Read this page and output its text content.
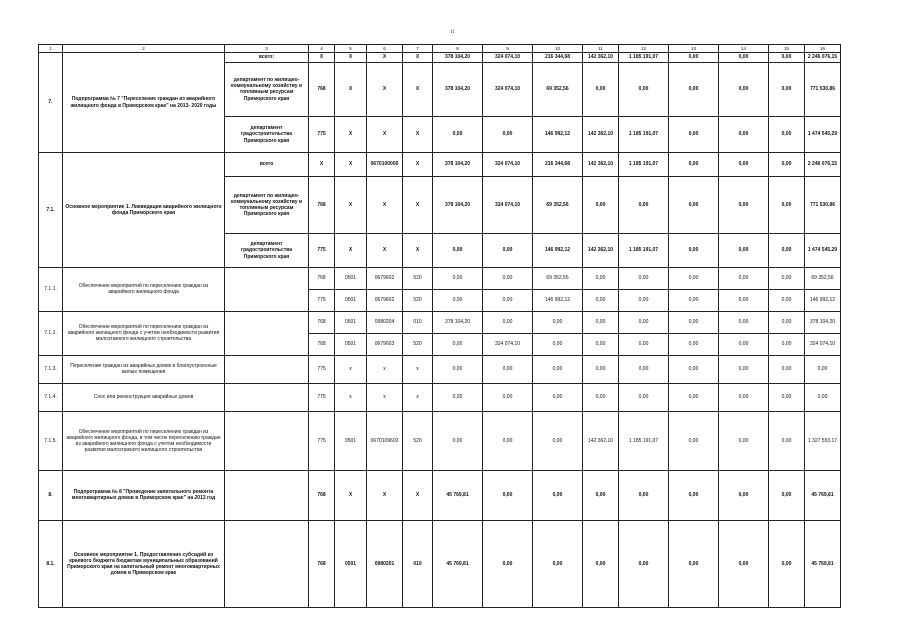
11
1	2	3	4	5	6	7	8	9	10	11	12	13	14	15	16
7.	Подпрограмма № 7 "Переселение граждан из аварийного жилищного фонда в Приморском крае" на 2013- 2020 годы	всего:	X	X	X	X	378 104,20	324 074,10	216 344,68	142 362,10	1 185 191,07	0,00	0,00	0,00	2 246 076,15
		департамент по жилищно-коммунальному хозяйству и топливным ресурсам Приморского края	768	X	X	X	378 104,20	324 074,10	69 352,56	0,00	0,00	0,00	0,00	0,00	771 530,86
		департамент градостроительства Приморского края	775	X	X	X	0,00	0,00	146 992,12	142 362,10	1 185 191,07	0,00	0,00	0,00	1 474 545,29
7.1.	Основное мероприятие 1. Ликвидация аварийного жилищного фонда Приморского края	всего	X	X	0670100000	X	378 104,20	324 074,10	216 344,68	142 362,10	1 185 191,07	0,00	0,00	0,00	2 246 076,15
		департамент по жилищно-коммунальному хозяйству и топливным ресурсам Приморского края	768	X	X	X	378 104,20	324 074,10	69 352,56	0,00	0,00	0,00	0,00	0,00	771 530,86
		департамент градостроительства Приморского края	775	X	X	X	0,00	0,00	146 992,12	142 362,10	1 185 191,07	0,00	0,00	0,00	1 474 545,29
7.1.1.	Обеспечение мероприятий по переселению граждан из аварийного жилищного фонда		768	0501	0679602	520	0,00	0,00	69 352,56	0,00	0,00	0,00	0,00	0,00	69 352,56
			775	0501	0679602	520	0,00	0,00	146 992,12	0,00	0,00	0,00	0,00	0,00	146 992,12
7.1.2.	Обеспечение мероприятий по переселению граждан из аварийного жилищного фонда с учетом необходимости развития малоэтажного жилищного строительства		768	0501	0980204	010	378 104,20	0,00	0,00	0,00	0,00	0,00	0,00	0,00	378 104,20
			768	0501	0679603	520	0,00	324 074,10	0,00	0,00	0,00	0,00	0,00	0,00	324 074,10
7.1.3.	Переселение граждан из аварийных домов в благоустроенные жилые помещения		775	x	x	x	0,00	0,00	0,00	0,00	0,00	0,00	0,00	0,00	0,00
7.1.4.	Снос или реконструкция аварийных домов		775	x	x	x	0,00	0,00	0,00	0,00	0,00	0,00	0,00	0,00	0,00
7.1.5.	Обеспечение мероприятий по переселению граждан из аварийного жилищного фонда, в том числе переселению граждан из аварийного жилищного фонда с учетом необходимости развития малоэтажного жилищного строительства		775	0501	0670109602	520	0,00	0,00	0,00	142 362,10	1 185 191,07	0,00	0,00	0,00	1 327 553,17
8.	Подпрограмма № 8 "Проведение капитального ремонта многоквартирных домов в Приморском крае" на 2013 год		768	X	X	X	45 769,81	0,00	0,00	0,00	0,00	0,00	0,00	0,00	45 769,81
8.1.	Основное мероприятие 1. Предоставление субсидий из краевого бюджета бюджетам муниципальных образований Приморского края на капитальный ремонт многоквартирных домов в Приморском крае		768	0501	0980201	010	45 769,81	0,00	0,00	0,00	0,00	0,00	0,00	0,00	45 769,81
